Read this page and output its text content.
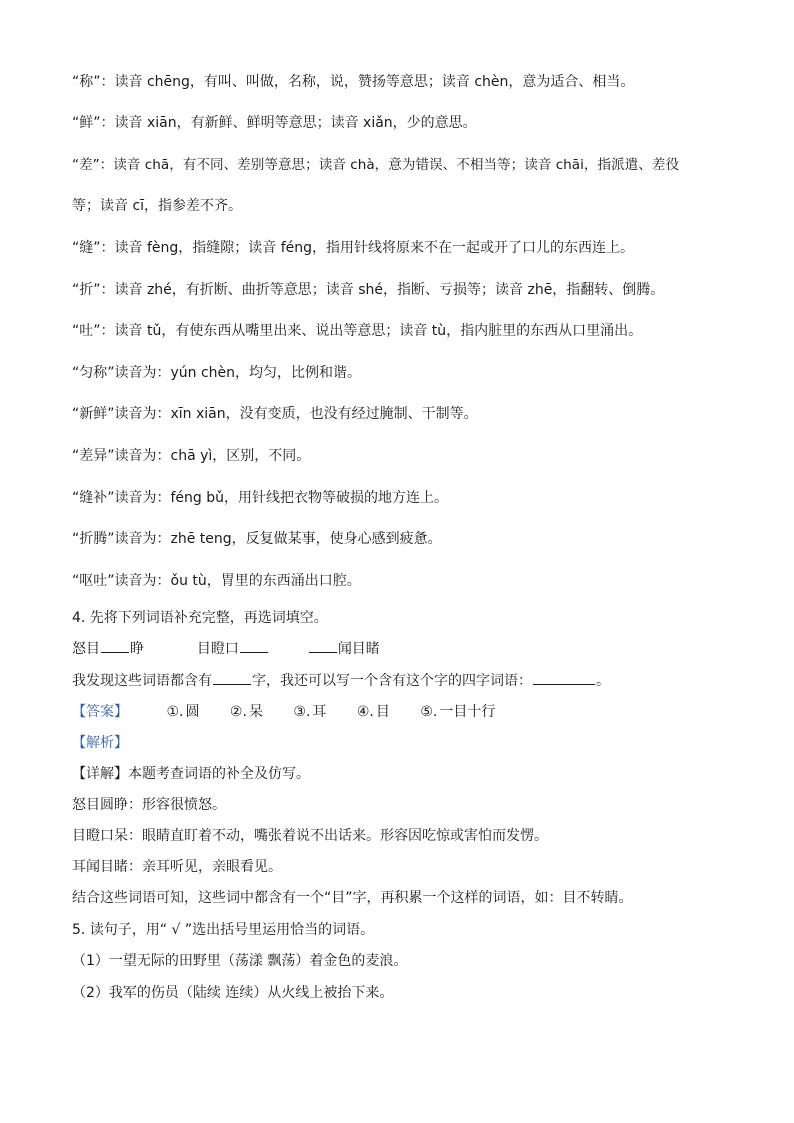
“称”：读音 chēng，有叫、叫做，名称，说，赞扬等意思；读音 chèn，意为适合、相当。
“鲜”：读音 xiān，有新鲜、鲜明等意思；读音 xiǎn，少的意思。
“差”：读音 chā，有不同、差别等意思；读音 chà，意为错误、不相当等；读音 chāi，指派遣、差役
等；读音 cī，指参差不齐。
“缝”：读音 fèng，指缝隙；读音 féng，指用针线将原来不在一起或开了口儿的东西连上。
“折”：读音 zhé，有折断、曲折等意思；读音 shé，指断、亏损等；读音 zhē，指翻转、倒腾。
“吐”：读音 tǔ，有使东西从嘴里出来、说出等意思；读音 tù，指内脏里的东西从口里涌出。
“匀称”读音为：yún chèn，均匀，比例和谐。
“新鲜”读音为：xīn xiān，没有变质，也没有经过腌制、干制等。
“差异”读音为：chā yì，区别，不同。
“缝补”读音为：féng bǔ，用针线把衣物等破损的地方连上。
“折腾”读音为：zhē teng，反复做某事，使身心感到疲惫。
“呕吐”读音为：ǒu tù，胃里的东西涌出口腔。
4. 先将下列词语补充完整，再选词填空。
怒目 睁	目瞪口	闻目睹
我发现这些词语都含有	字，我还可以写一个含有这个字的四字词语：	。
【答案】	①. 圆 ②. 呆 ③. 耳 ④. 目 ⑤. 一目十行
【解析】
【详解】本题考查词语的补全及仿写。
怒目圆睁：形容很愤怒。
目瞪口呆：眼睛直盯着不动，嘴张着说不出话来。形容因吃惊或害怕而发愣。
耳闻目睹：亲耳听见，亲眼看见。
结合这些词语可知，这些词中都含有一个“目”字，再积累一个这样的词语，如：目不转睛。
5. 读句子，用“ √ ”选出括号里运用恰当的词语。
（1）一望无际的田野里（荡漾 飘荡）着金色的麦浪。
（2）我军的伤员（陆续 连续）从火线上被抬下来。
